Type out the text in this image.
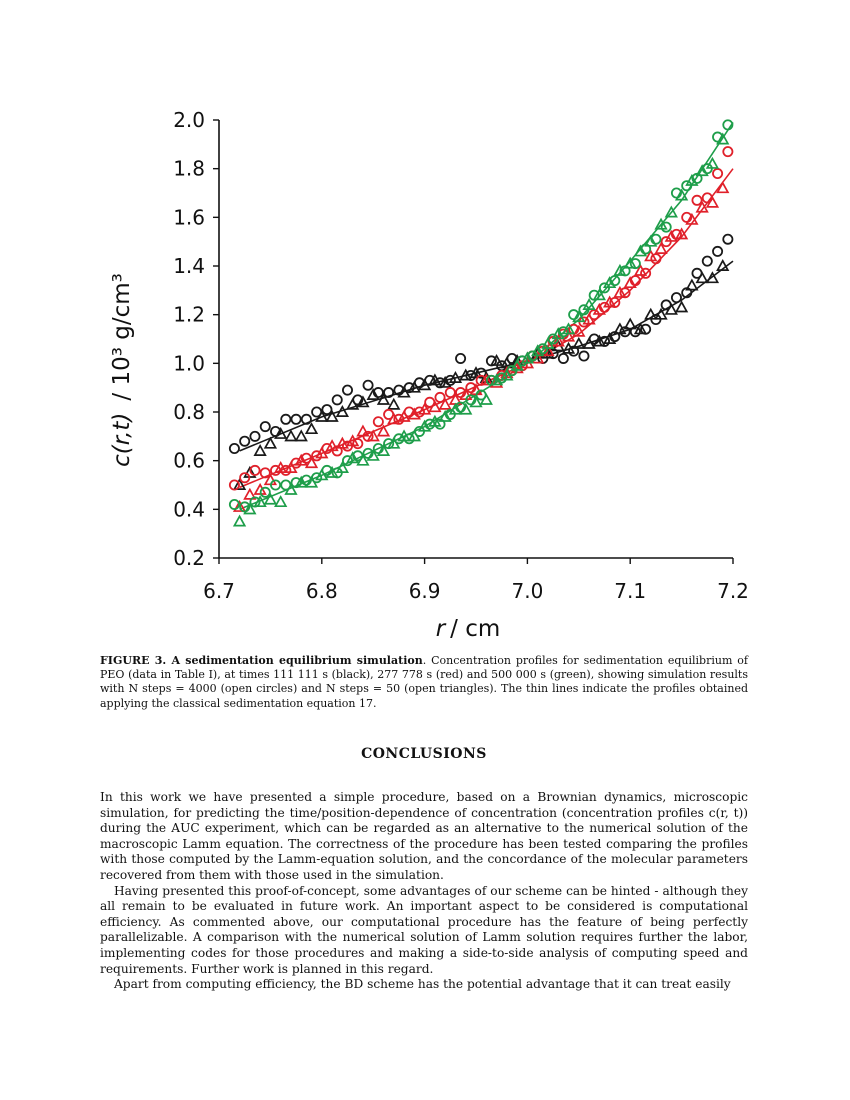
0.2
0.4
0.6
0.8
1.0
1.2
1.4
1.6
1.8
2.0
6.7	6.8	6.9	7.0	7.1	7.2
c(r,t)/ 10³ g/cm³
r / cm
FIGURE 3. A sedimentation equilibrium simulation. Concentration profiles for sedimentation equilibrium of PEO (data in Table I), at times 111 111 s (black), 277 778 s (red) and 500 000 s (green), showing simulation results with N steps = 4000 (open circles) and N steps = 50 (open triangles). The thin lines indicate the profiles obtained applying the classical sedimentation equation 17.
CONCLUSIONS

In this work we have presented a simple procedure, based on a Brownian dynamics, microscopic simulation, for predicting the time/position-dependence of concentration (concentration profiles c(r, t)) during the AUC experiment, which can be regarded as an alternative to the numerical solution of the macroscopic Lamm equation. The correctness of the procedure has been tested comparing the profiles with those computed by the Lamm-equation solution, and the concordance of the molecular parameters recovered from them with those used in the simulation.

Having presented this proof-of-concept, some advantages of our scheme can be hinted - although they all remain to be evaluated in future work. An important aspect to be considered is computational efficiency. As commented above, our computational procedure has the feature of being perfectly parallelizable. A comparison with the numerical solution of Lamm solution requires further the labor, implementing codes for those procedures and making a side-to-side analysis of computing speed and requirements. Further work is planned in this regard.

Apart from computing efficiency, the BD scheme has the potential advantage that it can treat easily
